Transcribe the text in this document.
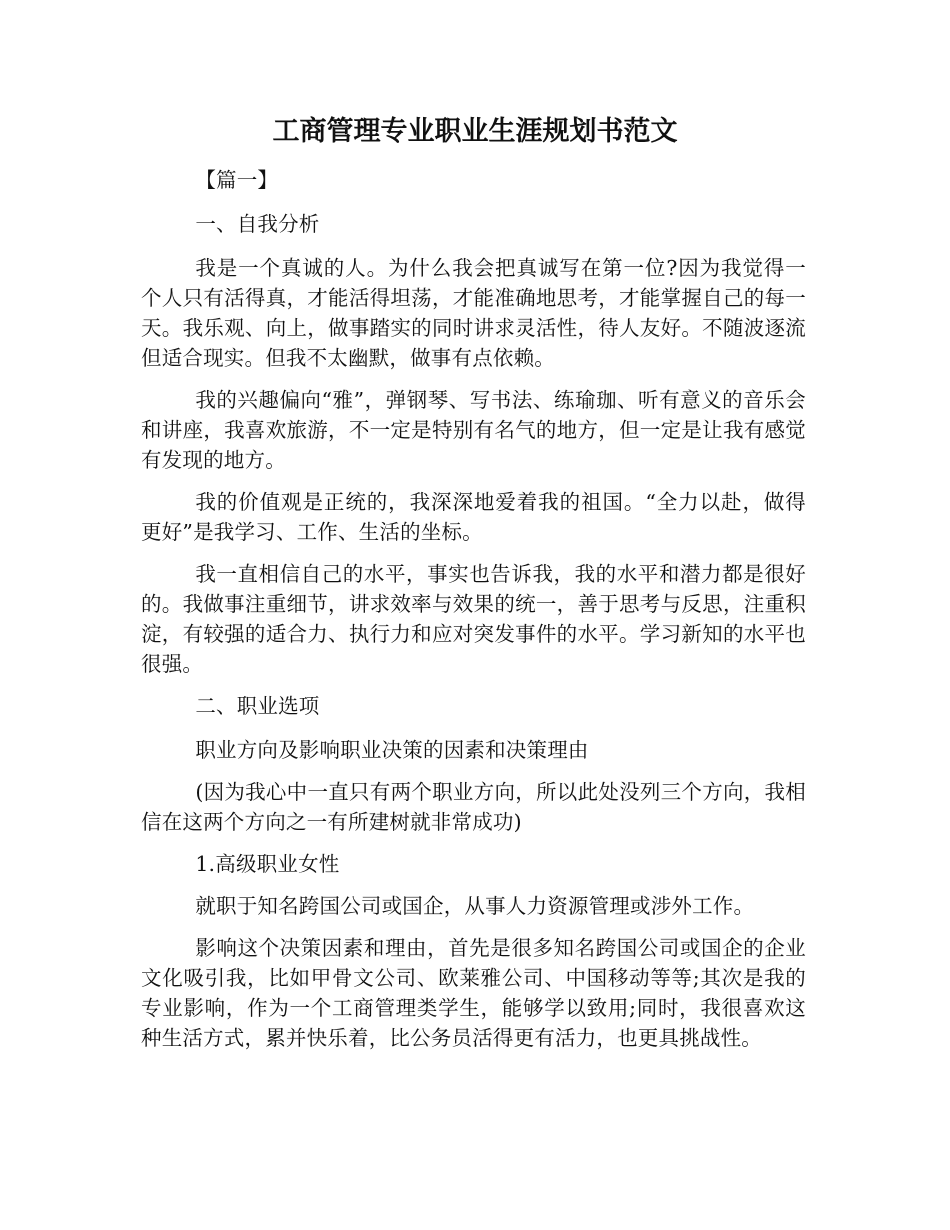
工商管理专业职业生涯规划书范文

【篇一】

一、自我分析

我是一个真诚的人。为什么我会把真诚写在第一位?因为我觉得一个人只有活得真，才能活得坦荡，才能准确地思考，才能掌握自己的每一天。我乐观、向上，做事踏实的同时讲求灵活性，待人友好。不随波逐流但适合现实。但我不太幽默，做事有点依赖。

我的兴趣偏向“雅”，弹钢琴、写书法、练瑜珈、听有意义的音乐会和讲座，我喜欢旅游，不一定是特别有名气的地方，但一定是让我有感觉有发现的地方。

我的价值观是正统的，我深深地爱着我的祖国。“全力以赴，做得更好”是我学习、工作、生活的坐标。

我一直相信自己的水平，事实也告诉我，我的水平和潜力都是很好的。我做事注重细节，讲求效率与效果的统一，善于思考与反思，注重积淀，有较强的适合力、执行力和应对突发事件的水平。学习新知的水平也很强。

二、职业选项

职业方向及影响职业决策的因素和决策理由

(因为我心中一直只有两个职业方向，所以此处没列三个方向，我相信在这两个方向之一有所建树就非常成功)

1.高级职业女性

就职于知名跨国公司或国企，从事人力资源管理或涉外工作。

影响这个决策因素和理由，首先是很多知名跨国公司或国企的企业文化吸引我，比如甲骨文公司、欧莱雅公司、中国移动等等;其次是我的专业影响，作为一个工商管理类学生，能够学以致用;同时，我很喜欢这种生活方式，累并快乐着，比公务员活得更有活力，也更具挑战性。
